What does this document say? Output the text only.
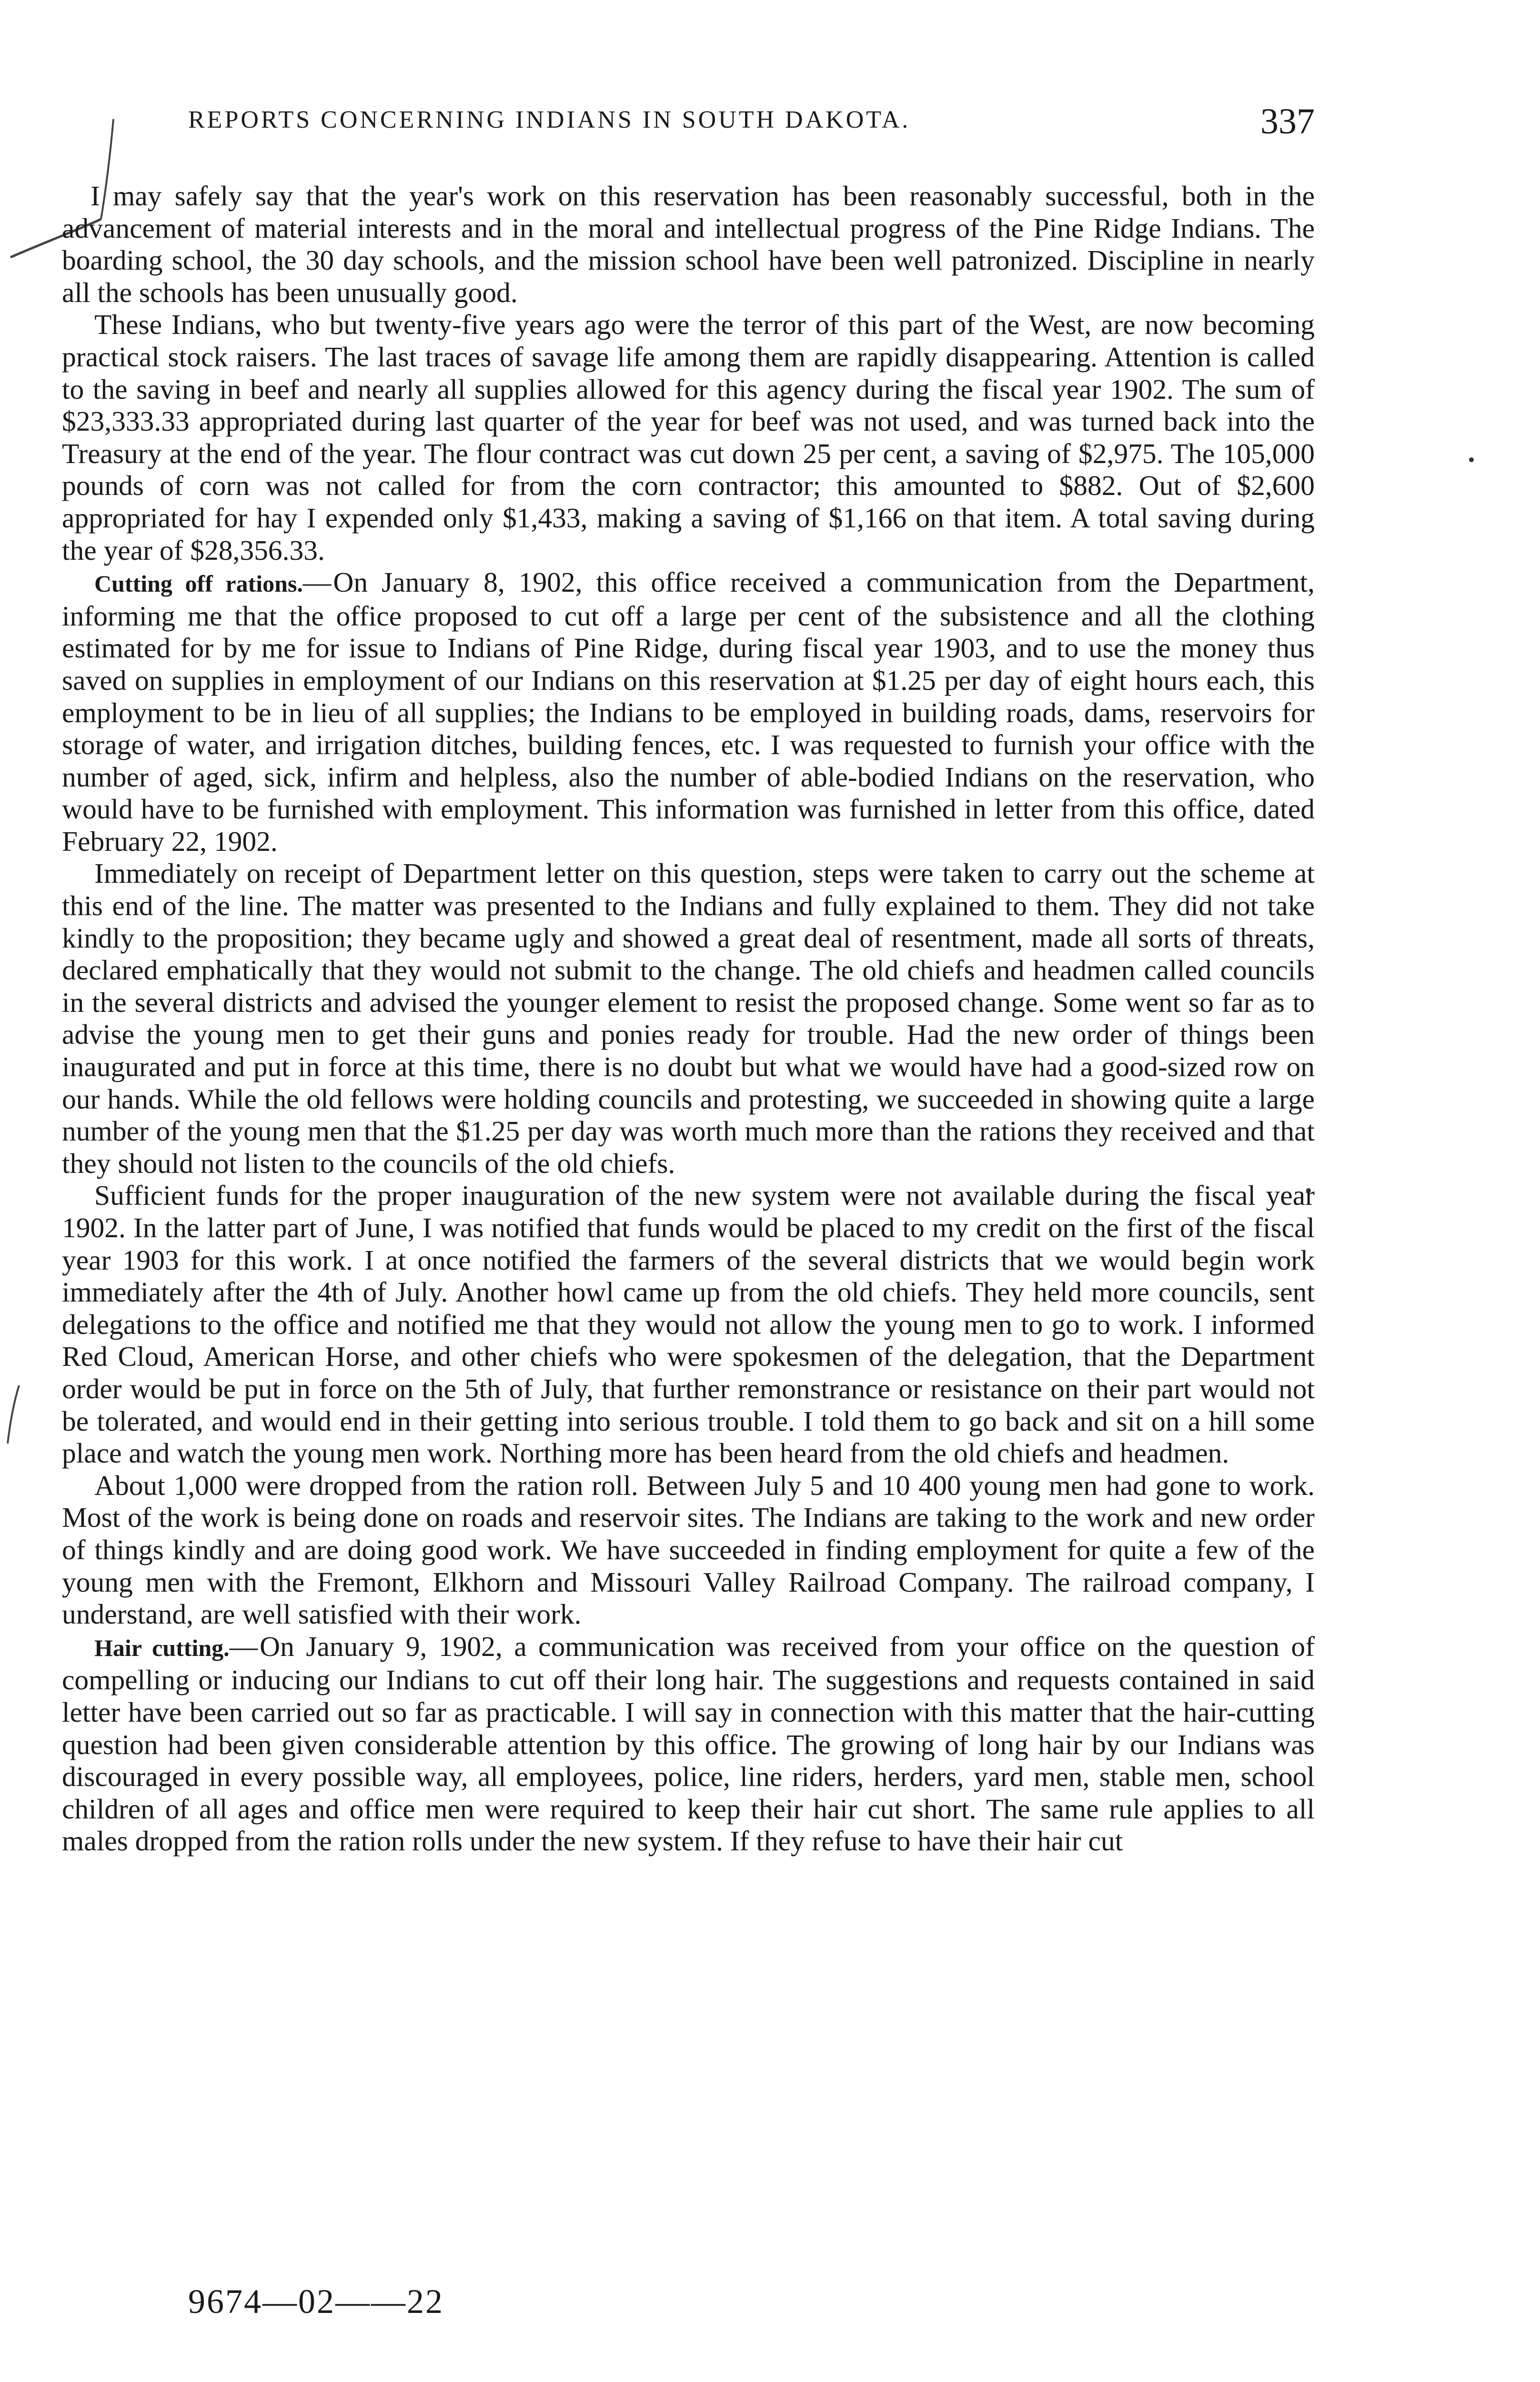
REPORTS CONCERNING INDIANS IN SOUTH DAKOTA.	337

I may safely say that the year's work on this reservation has been reasonably successful, both in the advancement of material interests and in the moral and intellectual progress of the Pine Ridge Indians. The boarding school, the 30 day schools, and the mission school have been well patronized. Discipline in nearly all the schools has been unusually good.

These Indians, who but twenty-five years ago were the terror of this part of the West, are now becoming practical stock raisers. The last traces of savage life among them are rapidly disappearing. Attention is called to the saving in beef and nearly all supplies allowed for this agency during the fiscal year 1902. The sum of $23,333.33 appropriated during last quarter of the year for beef was not used, and was turned back into the Treasury at the end of the year. The flour contract was cut down 25 per cent, a saving of $2,975. The 105,000 pounds of corn was not called for from the corn contractor; this amounted to $882. Out of $2,600 appropriated for hay I expended only $1,433, making a saving of $1,166 on that item. A total saving during the year of $28,356.33.

Cutting off rations.—On January 8, 1902, this office received a communication from the Department, informing me that the office proposed to cut off a large per cent of the subsistence and all the clothing estimated for by me for issue to Indians of Pine Ridge, during fiscal year 1903, and to use the money thus saved on supplies in employment of our Indians on this reservation at $1.25 per day of eight hours each, this employment to be in lieu of all supplies; the Indians to be employed in building roads, dams, reservoirs for storage of water, and irrigation ditches, building fences, etc. I was requested to furnish your office with the number of aged, sick, infirm and helpless, also the number of able-bodied Indians on the reservation, who would have to be furnished with employment. This information was furnished in letter from this office, dated February 22, 1902.

Immediately on receipt of Department letter on this question, steps were taken to carry out the scheme at this end of the line. The matter was presented to the Indians and fully explained to them. They did not take kindly to the proposition; they became ugly and showed a great deal of resentment, made all sorts of threats, declared emphatically that they would not submit to the change. The old chiefs and headmen called councils in the several districts and advised the younger element to resist the proposed change. Some went so far as to advise the young men to get their guns and ponies ready for trouble. Had the new order of things been inaugurated and put in force at this time, there is no doubt but what we would have had a good-sized row on our hands. While the old fellows were holding councils and protesting, we succeeded in showing quite a large number of the young men that the $1.25 per day was worth much more than the rations they received and that they should not listen to the councils of the old chiefs.

Sufficient funds for the proper inauguration of the new system were not available during the fiscal year 1902. In the latter part of June, I was notified that funds would be placed to my credit on the first of the fiscal year 1903 for this work. I at once notified the farmers of the several districts that we would begin work immediately after the 4th of July. Another howl came up from the old chiefs. They held more councils, sent delegations to the office and notified me that they would not allow the young men to go to work. I informed Red Cloud, American Horse, and other chiefs who were spokesmen of the delegation, that the Department order would be put in force on the 5th of July, that further remonstrance or resistance on their part would not be tolerated, and would end in their getting into serious trouble. I told them to go back and sit on a hill some place and watch the young men work. Northing more has been heard from the old chiefs and headmen.

About 1,000 were dropped from the ration roll. Between July 5 and 10 400 young men had gone to work. Most of the work is being done on roads and reservoir sites. The Indians are taking to the work and new order of things kindly and are doing good work. We have succeeded in finding employment for quite a few of the young men with the Fremont, Elkhorn and Missouri Valley Railroad Company. The railroad company, I understand, are well satisfied with their work.

Hair cutting.—On January 9, 1902, a communication was received from your office on the question of compelling or inducing our Indians to cut off their long hair. The suggestions and requests contained in said letter have been carried out so far as practicable. I will say in connection with this matter that the hair-cutting question had been given considerable attention by this office. The growing of long hair by our Indians was discouraged in every possible way, all employees, police, line riders, herders, yard men, stable men, school children of all ages and office men were required to keep their hair cut short. The same rule applies to all males dropped from the ration rolls under the new system. If they refuse to have their hair cut

9674—02——22
